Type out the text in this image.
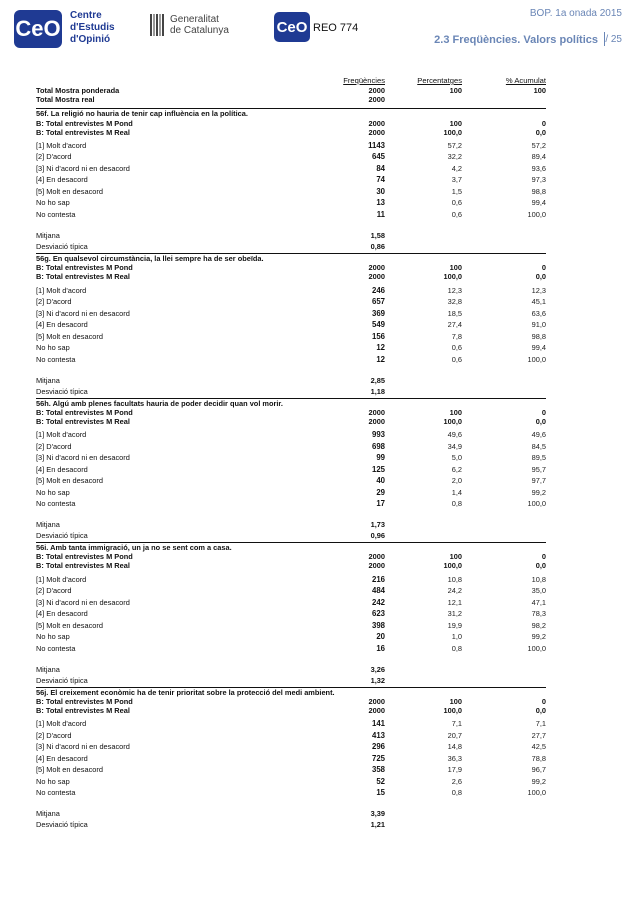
CeO
Centre
d'Estudis
d'Opinió
Generalitat
de Catalunya	CeO REO 774
BOP. 1a onada 2015
2.3 Freqüències. Valors polítics / 25
Freqüències	Percentatges	% Acumulat
Total Mostra ponderada	2000	100	100
Total Mostra real	2000
56f. La religió no hauria de tenir cap influència en la política.
B: Total entrevistes M Pond	2000	100	0
B: Total entrevistes M Real	2000	100,0	0,0
[1] Molt d'acord	1143	57,2	57,2
[2] D'acord	645	32,2	89,4
[3] Ni d'acord ni en desacord	84	4,2	93,6
[4] En desacord	74	3,7	97,3
[5] Molt en desacord	30	1,5	98,8
No ho sap	13	0,6	99,4
No contesta	11	0,6	100,0
Mitjana	1,58
Desviació típica	0,86
56g. En qualsevol circumstància, la llei sempre ha de ser obeïda.
B: Total entrevistes M Pond	2000	100	0
B: Total entrevistes M Real	2000	100,0	0,0
[1] Molt d'acord	246	12,3	12,3
[2] D'acord	657	32,8	45,1
[3] Ni d'acord ni en desacord	369	18,5	63,6
[4] En desacord	549	27,4	91,0
[5] Molt en desacord	156	7,8	98,8
No ho sap	12	0,6	99,4
No contesta	12	0,6	100,0
Mitjana	2,85
Desviació típica	1,18
56h. Algú amb plenes facultats hauria de poder decidir quan vol morir.
B: Total entrevistes M Pond	2000	100	0
B: Total entrevistes M Real	2000	100,0	0,0
[1] Molt d'acord	993	49,6	49,6
[2] D'acord	698	34,9	84,5
[3] Ni d'acord ni en desacord	99	5,0	89,5
[4] En desacord	125	6,2	95,7
[5] Molt en desacord	40	2,0	97,7
No ho sap	29	1,4	99,2
No contesta	17	0,8	100,0
Mitjana	1,73
Desviació típica	0,96
56i. Amb tanta immigració, un ja no se sent com a casa.
B: Total entrevistes M Pond	2000	100	0
B: Total entrevistes M Real	2000	100,0	0,0
[1] Molt d'acord	216	10,8	10,8
[2] D'acord	484	24,2	35,0
[3] Ni d'acord ni en desacord	242	12,1	47,1
[4] En desacord	623	31,2	78,3
[5] Molt en desacord	398	19,9	98,2
No ho sap	20	1,0	99,2
No contesta	16	0,8	100,0
Mitjana	3,26
Desviació típica	1,32
56j. El creixement econòmic ha de tenir prioritat sobre la protecció del medi ambient.
B: Total entrevistes M Pond	2000	100	0
B: Total entrevistes M Real	2000	100,0	0,0
[1] Molt d'acord	141	7,1	7,1
[2] D'acord	413	20,7	27,7
[3] Ni d'acord ni en desacord	296	14,8	42,5
[4] En desacord	725	36,3	78,8
[5] Molt en desacord	358	17,9	96,7
No ho sap	52	2,6	99,2
No contesta	15	0,8	100,0
Mitjana	3,39
Desviació típica	1,21
